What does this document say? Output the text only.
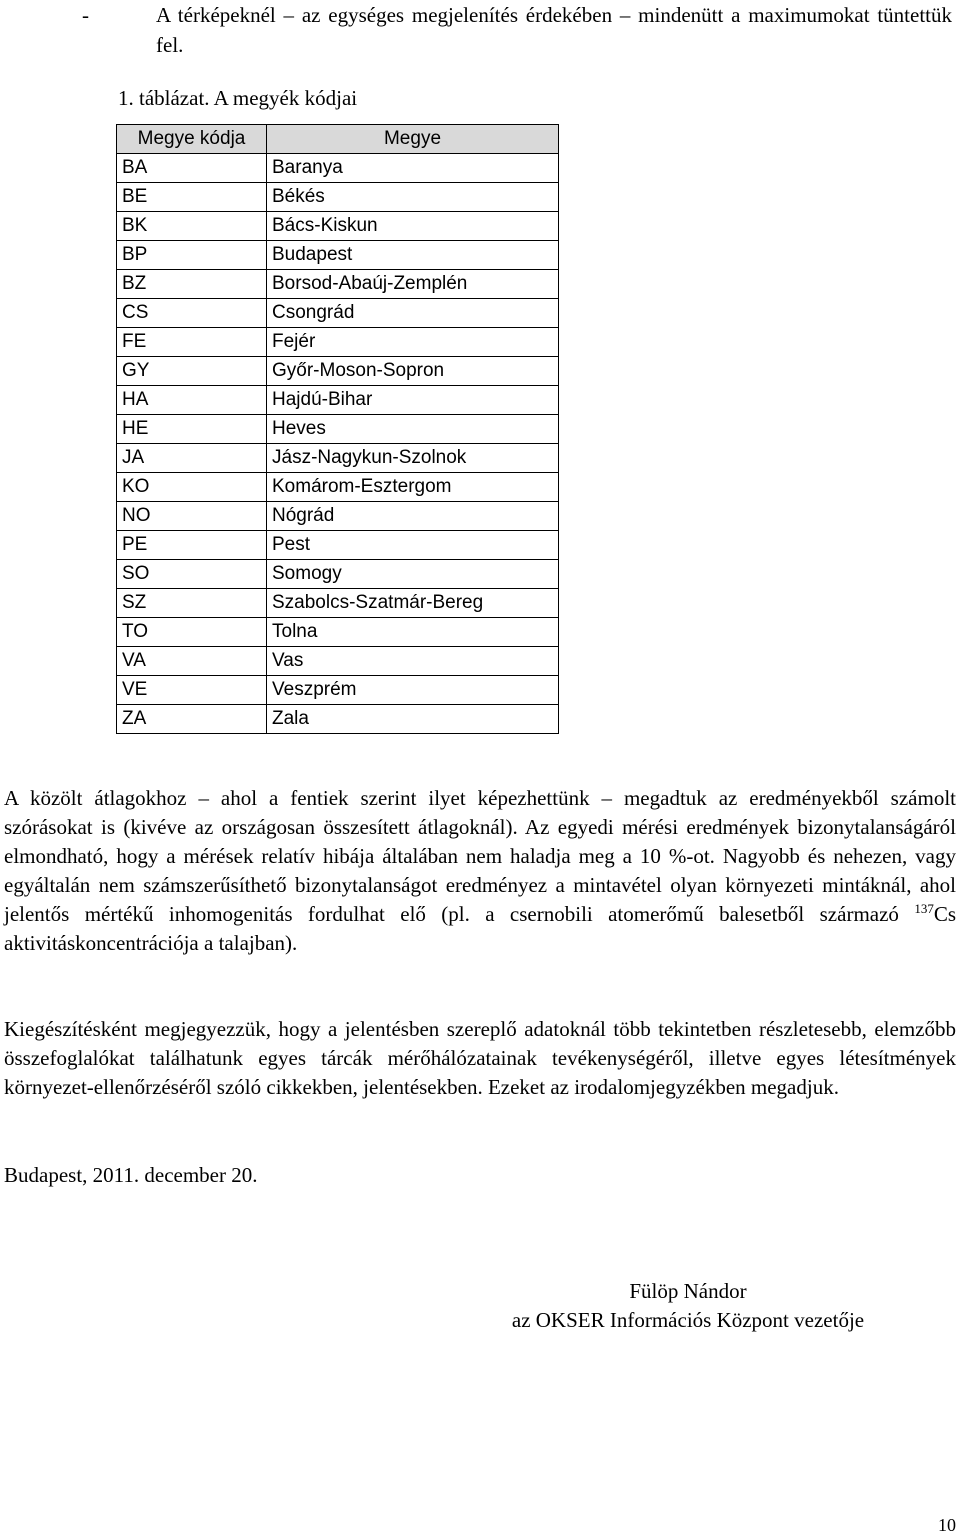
-	A térképeknél – az egységes megjelenítés érdekében – mindenütt a maximumokat tüntettük fel.
1. táblázat. A megyék kódjai
Megye kódja	Megye
BA	Baranya
BE	Békés
BK	Bács-Kiskun
BP	Budapest
BZ	Borsod-Abaúj-Zemplén
CS	Csongrád
FE	Fejér
GY	Győr-Moson-Sopron
HA	Hajdú-Bihar
HE	Heves
JA	Jász-Nagykun-Szolnok
KO	Komárom-Esztergom
NO	Nógrád
PE	Pest
SO	Somogy
SZ	Szabolcs-Szatmár-Bereg
TO	Tolna
VA	Vas
VE	Veszprém
ZA	Zala
A közölt átlagokhoz – ahol a fentiek szerint ilyet képezhettünk – megadtuk az eredményekből számolt szórásokat is (kivéve az országosan összesített átlagoknál). Az egyedi mérési eredmények bizonytalanságáról elmondható, hogy a mérések relatív hibája általában nem haladja meg a 10 %-ot. Nagyobb és nehezen, vagy egyáltalán nem számszerűsíthető bizonytalanságot eredményez a mintavétel olyan környezeti mintáknál, ahol jelentős mértékű inhomogenitás fordulhat elő (pl. a csernobili atomerőmű balesetből származó $^{137}$Cs aktivitáskoncentrációja a talajban).
Kiegészítésként megjegyezzük, hogy a jelentésben szereplő adatoknál több tekintetben részletesebb, elemzőbb összefoglalókat találhatunk egyes tárcák mérőhálózatainak tevékenységéről, illetve egyes létesítmények környezet-ellenőrzéséről szóló cikkekben, jelentésekben. Ezeket az irodalomjegyzékben megadjuk.
Budapest, 2011. december 20.
Fülöp Nándor
az OKSER Információs Központ vezetője
10
